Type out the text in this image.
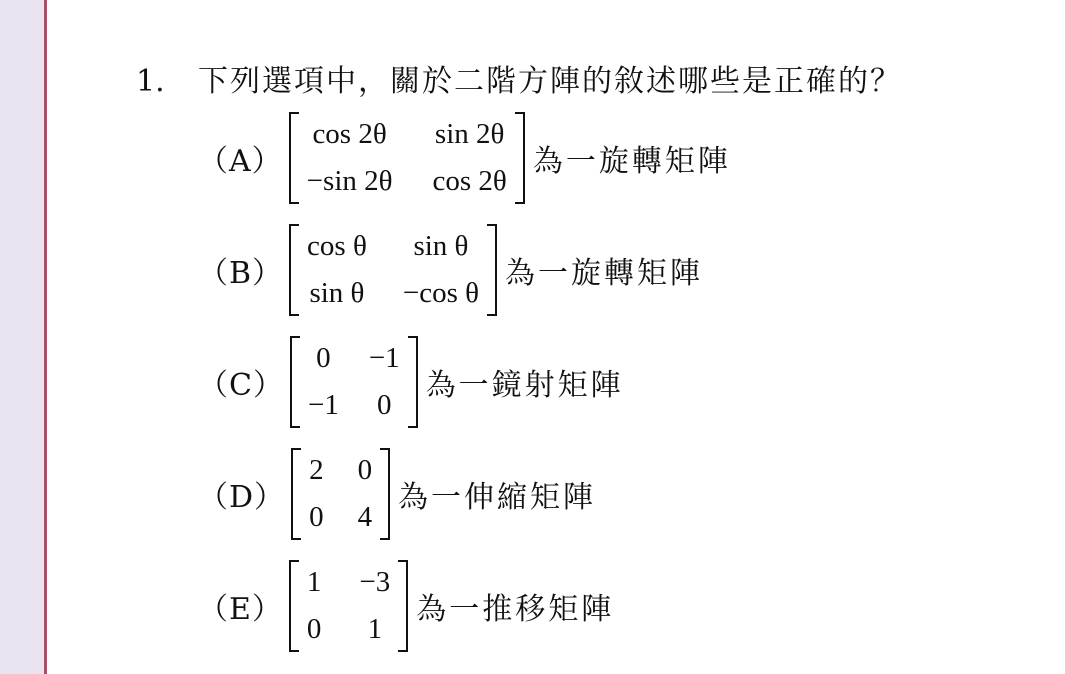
1. 下列選項中，關於二階方陣的敘述哪些是正確的？
（A）
cos 2θ sin 2θ
−sin 2θ cos 2θ
為一旋轉矩陣
（B）
cos θ	sin θ
sin θ −cos θ
為一旋轉矩陣
（C）
0 −1
−1 0
為一鏡射矩陣
（D）
2 0
0 4
為一伸縮矩陣
（E）
1 −3
0 1
為一推移矩陣
